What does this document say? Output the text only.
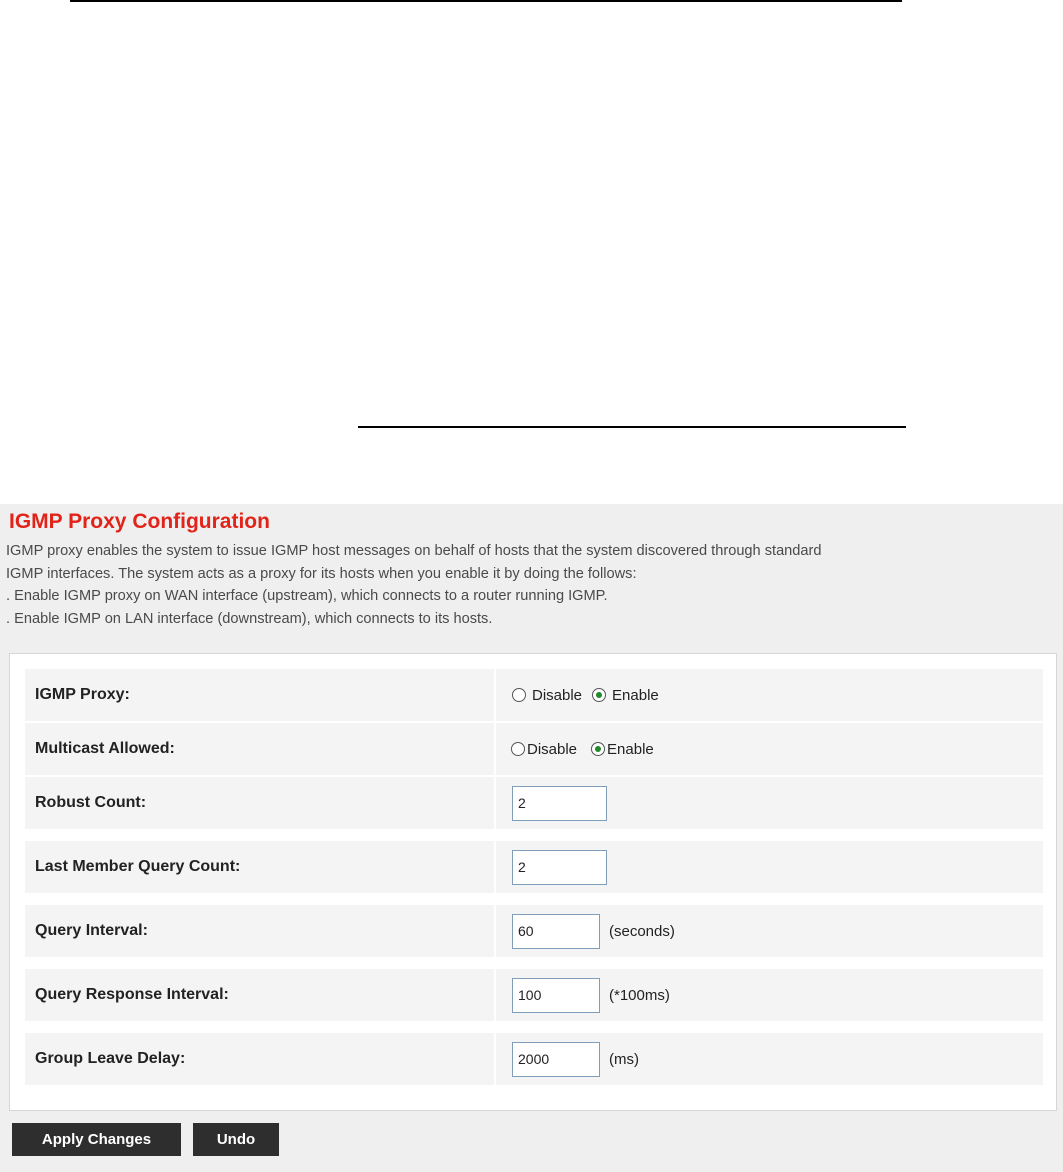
IGMP Proxy Configuration
IGMP proxy enables the system to issue IGMP host messages on behalf of hosts that the system discovered through standard
IGMP interfaces. The system acts as a proxy for its hosts when you enable it by doing the follows:
. Enable IGMP proxy on WAN interface (upstream), which connects to a router running IGMP.
. Enable IGMP on LAN interface (downstream), which connects to its hosts.
IGMP Proxy:	Disable Enable
Multicast Allowed:	Disable Enable
Robust Count:
2
Last Member Query Count:
2
Query Interval:
60	(seconds)
Query Response Interval:
100	(*100ms)
Group Leave Delay:
2000	(ms)
Apply Changes	Undo
